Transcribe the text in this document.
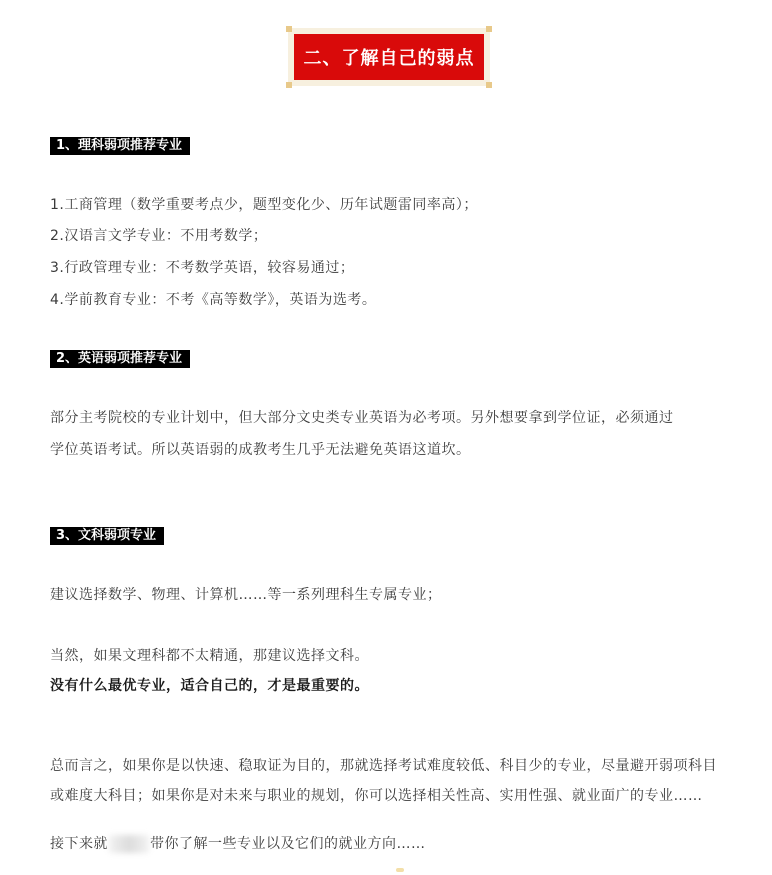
二、了解自己的弱点
1、理科弱项推荐专业
1.工商管理（数学重要考点少，题型变化少、历年试题雷同率高）；
2.汉语言文学专业：不用考数学；
3.行政管理专业：不考数学英语，较容易通过；
4.学前教育专业：不考《高等数学》，英语为选考。
2、英语弱项推荐专业
部分主考院校的专业计划中，但大部分文史类专业英语为必考项。另外想要拿到学位证，必须通过
学位英语考试。所以英语弱的成教考生几乎无法避免英语这道坎。
3、文科弱项专业
建议选择数学、物理、计算机……等一系列理科生专属专业；
当然，如果文理科都不太精通，那建议选择文科。
没有什么最优专业，适合自己的，才是最重要的。
总而言之，如果你是以快速、稳取证为目的，那就选择考试难度较低、科目少的专业，尽量避开弱项科目
或难度大科目；如果你是对未来与职业的规划，你可以选择相关性高、实用性强、就业面广的专业……
接下来就	带你了解一些专业以及它们的就业方向……
